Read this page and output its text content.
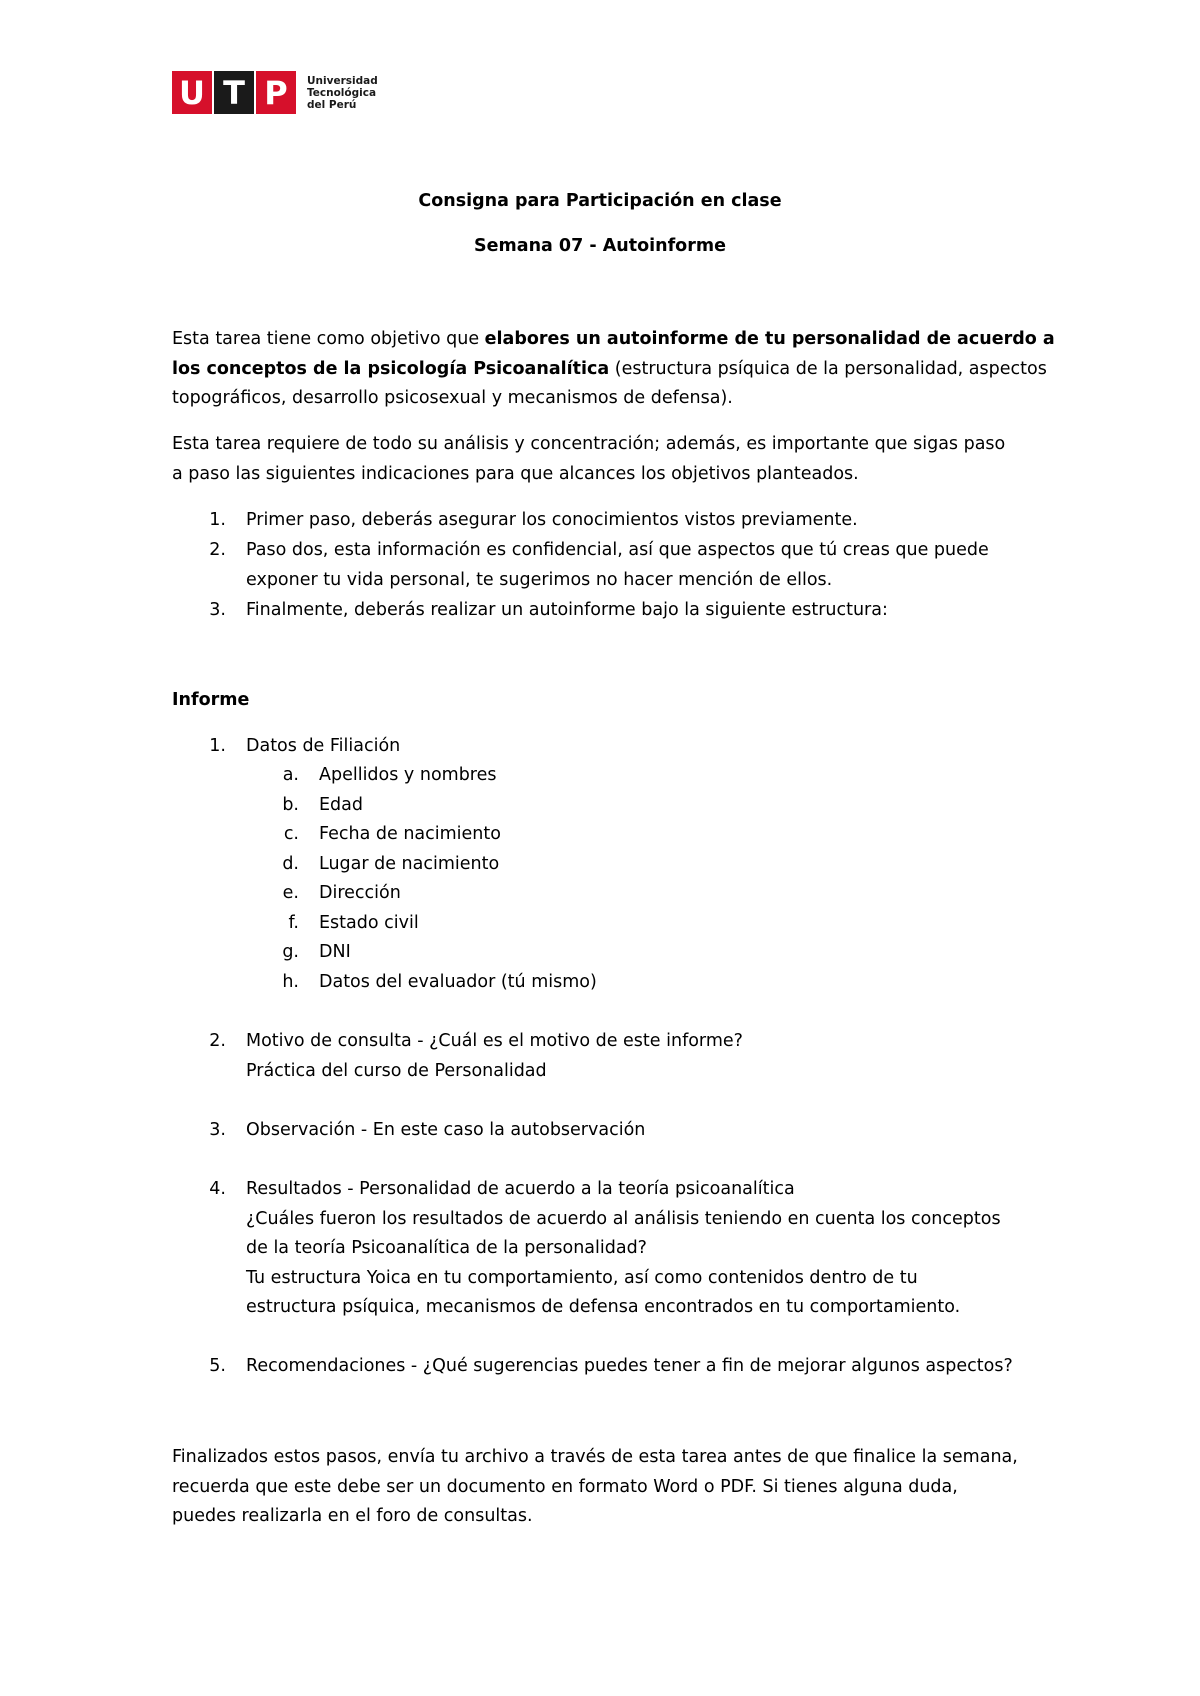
U T P	Universidad
Tecnológica
del Perú
Consigna para Participación en clase
Semana 07 - Autoinforme

Esta tarea tiene como objetivo que elabores un autoinforme de tu personalidad de acuerdo a

los conceptos de la psicología Psicoanalítica (estructura psíquica de la personalidad, aspectos

topográficos, desarrollo psicosexual y mecanismos de defensa).

Esta tarea requiere de todo su análisis y concentración; además, es importante que sigas paso

a paso las siguientes indicaciones para que alcances los objetivos planteados.

1. Primer paso, deberás asegurar los conocimientos vistos previamente.
2. Paso dos, esta información es confidencial, así que aspectos que tú creas que puede
exponer tu vida personal, te sugerimos no hacer mención de ellos.
3. Finalmente, deberás realizar un autoinforme bajo la siguiente estructura:
Informe
1. Datos de Filiación
a. Apellidos y nombres
b. Edad
c. Fecha de nacimiento
d. Lugar de nacimiento
e. Dirección
f. Estado civil
g. DNI
h. Datos del evaluador (tú mismo)
2. Motivo de consulta - ¿Cuál es el motivo de este informe?
Práctica del curso de Personalidad
3. Observación - En este caso la autobservación
4. Resultados - Personalidad de acuerdo a la teoría psicoanalítica
¿Cuáles fueron los resultados de acuerdo al análisis teniendo en cuenta los conceptos
de la teoría Psicoanalítica de la personalidad?
Tu estructura Yoica en tu comportamiento, así como contenidos dentro de tu
estructura psíquica, mecanismos de defensa encontrados en tu comportamiento.
5. Recomendaciones - ¿Qué sugerencias puedes tener a fin de mejorar algunos aspectos?

Finalizados estos pasos, envía tu archivo a través de esta tarea antes de que finalice la semana,

recuerda que este debe ser un documento en formato Word o PDF. Si tienes alguna duda,

puedes realizarla en el foro de consultas.
